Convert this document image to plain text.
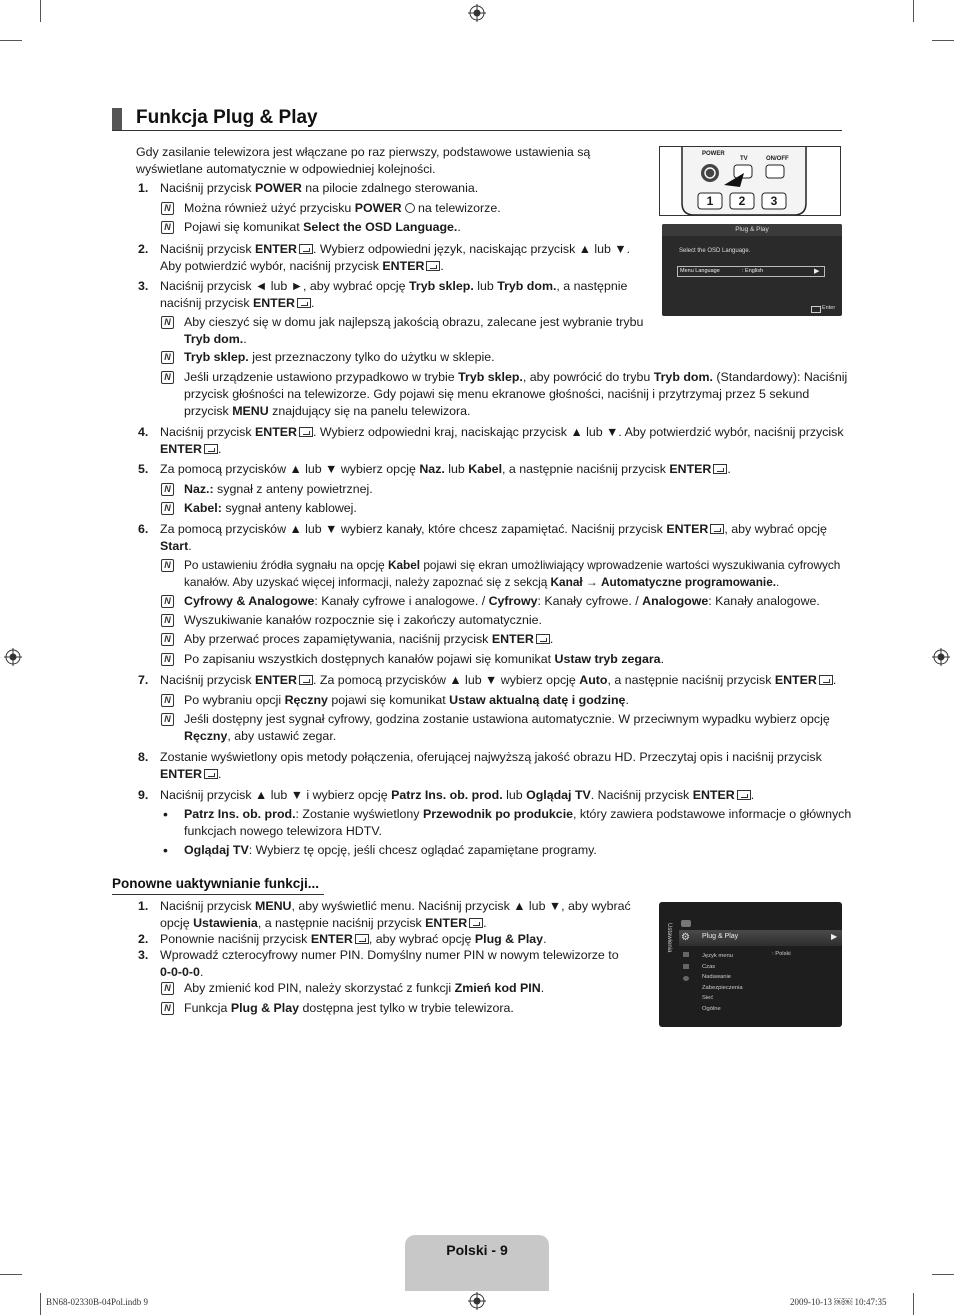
Funkcja Plug & Play
Gdy zasilanie telewizora jest włączane po raz pierwszy, podstawowe ustawienia są wyświetlane automatycznie w odpowiedniej kolejności.
1. Naciśnij przycisk POWER na pilocie zdalnego sterowania.
N Można również użyć przycisku POWER na telewizorze.
N Pojawi się komunikat Select the OSD Language..
2. Naciśnij przycisk ENTER . Wybierz odpowiedni język, naciskając przycisk ▲ lub ▼.
Aby potwierdzić wybór, naciśnij przycisk ENTER .
3. Naciśnij przycisk ◄ lub ►, aby wybrać opcję Tryb sklep. lub Tryb dom., a następnie
naciśnij przycisk ENTER .
N Aby cieszyć się w domu jak najlepszą jakością obrazu, zalecane jest wybranie trybu
Tryb dom..
N Tryb sklep. jest przeznaczony tylko do użytku w sklepie.
N Jeśli urządzenie ustawiono przypadkowo w trybie Tryb sklep., aby powrócić do trybu Tryb dom. (Standardowy): Naciśnij
przycisk głośności na telewizorze. Gdy pojawi się menu ekranowe głośności, naciśnij i przytrzymaj przez 5 sekund
przycisk MENU znajdujący się na panelu telewizora.
4. Naciśnij przycisk ENTER . Wybierz odpowiedni kraj, naciskając przycisk ▲ lub ▼. Aby potwierdzić wybór, naciśnij przycisk
ENTER .
5. Za pomocą przycisków ▲ lub ▼ wybierz opcję Naz. lub Kabel, a następnie naciśnij przycisk ENTER .
N Naz.: sygnał z anteny powietrznej.
N Kabel: sygnał anteny kablowej.
6. Za pomocą przycisków ▲ lub ▼ wybierz kanały, które chcesz zapamiętać. Naciśnij przycisk ENTER , aby wybrać opcję
Start.
N Po ustawieniu źródła sygnału na opcję Kabel pojawi się ekran umożliwiający wprowadzenie wartości wyszukiwania cyfrowych
kanałów. Aby uzyskać więcej informacji, należy zapoznać się z sekcją Kanał → Automatyczne programowanie..
N Cyfrowy & Analogowe: Kanały cyfrowe i analogowe. / Cyfrowy: Kanały cyfrowe. / Analogowe: Kanały analogowe.
N Wyszukiwanie kanałów rozpocznie się i zakończy automatycznie.
N Aby przerwać proces zapamiętywania, naciśnij przycisk ENTER .
N Po zapisaniu wszystkich dostępnych kanałów pojawi się komunikat Ustaw tryb zegara.
7. Naciśnij przycisk ENTER . Za pomocą przycisków ▲ lub ▼ wybierz opcję Auto, a następnie naciśnij przycisk ENTER .
N Po wybraniu opcji Ręczny pojawi się komunikat Ustaw aktualną datę i godzinę.
N Jeśli dostępny jest sygnał cyfrowy, godzina zostanie ustawiona automatycznie. W przeciwnym wypadku wybierz opcję
Ręczny, aby ustawić zegar.
8. Zostanie wyświetlony opis metody połączenia, oferującej najwyższą jakość obrazu HD. Przeczytaj opis i naciśnij przycisk
ENTER .
9. Naciśnij przycisk ▲ lub ▼ i wybierz opcję Patrz Ins. ob. prod. lub Oglądaj TV. Naciśnij przycisk ENTER .
• Patrz Ins. ob. prod.: Zostanie wyświetlony Przewodnik po produkcie, który zawiera podstawowe informacje o głównych
funkcjach nowego telewizora HDTV.
• Oglądaj TV: Wybierz tę opcję, jeśli chcesz oglądać zapamiętane programy.
Ponowne uaktywnianie funkcji...
1. Naciśnij przycisk MENU, aby wyświetlić menu. Naciśnij przycisk ▲ lub ▼, aby wybrać
opcję Ustawienia, a następnie naciśnij przycisk ENTER .
2. Ponownie naciśnij przycisk ENTER , aby wybrać opcję Plug & Play.
3. Wprowadź czterocyfrowy numer PIN. Domyślny numer PIN w nowym telewizorze to
0-0-0-0.
N Aby zmienić kod PIN, należy skorzystać z funkcji Zmień kod PIN.
N Funkcja Plug & Play dostępna jest tylko w trybie telewizora.
POWER
TV	ON/OFF
1	2	3
Plug & Play
Select the OSD Language.
Menu Language	: English	▶
Enter
Ustawienia ⚙ Plug & Play	▶
Język menu
Czas
Nadawanie
Zabezpieczenia
Sieć
Ogólne
: Polski
Polski - 9
BN68-02330B-04Pol.indb 9	2009-10-13 ￼￼ 10:47:35
